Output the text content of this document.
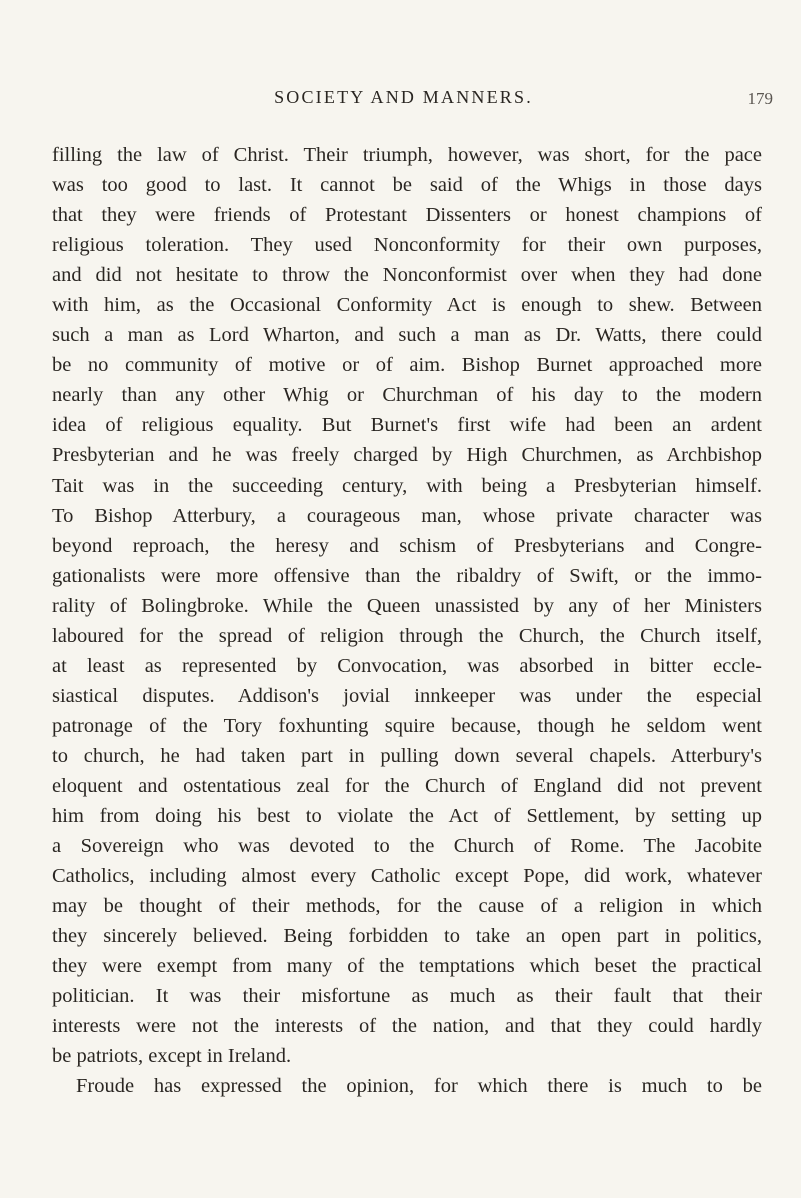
SOCIETY AND MANNERS.	179
filling the law of Christ. Their triumph, however, was short, for the pace
was too good to last. It cannot be said of the Whigs in those days
that they were friends of Protestant Dissenters or honest champions of
religious toleration. They used Nonconformity for their own purposes,
and did not hesitate to throw the Nonconformist over when they had done
with him, as the Occasional Conformity Act is enough to shew. Between
such a man as Lord Wharton, and such a man as Dr. Watts, there could
be no community of motive or of aim. Bishop Burnet approached more
nearly than any other Whig or Churchman of his day to the modern
idea of religious equality. But Burnet's first wife had been an ardent
Presbyterian and he was freely charged by High Churchmen, as Archbishop
Tait was in the succeeding century, with being a Presbyterian himself.
To Bishop Atterbury, a courageous man, whose private character was
beyond reproach, the heresy and schism of Presbyterians and Congre-
gationalists were more offensive than the ribaldry of Swift, or the immo-
rality of Bolingbroke. While the Queen unassisted by any of her Ministers
laboured for the spread of religion through the Church, the Church itself,
at least as represented by Convocation, was absorbed in bitter eccle-
siastical disputes. Addison's jovial innkeeper was under the especial
patronage of the Tory foxhunting squire because, though he seldom went
to church, he had taken part in pulling down several chapels. Atterbury's
eloquent and ostentatious zeal for the Church of England did not prevent
him from doing his best to violate the Act of Settlement, by setting up
a Sovereign who was devoted to the Church of Rome. The Jacobite
Catholics, including almost every Catholic except Pope, did work, whatever
may be thought of their methods, for the cause of a religion in which
they sincerely believed. Being forbidden to take an open part in politics,
they were exempt from many of the temptations which beset the practical
politician. It was their misfortune as much as their fault that their
interests were not the interests of the nation, and that they could hardly
be patriots, except in Ireland.
Froude has expressed the opinion, for which there is much to be
